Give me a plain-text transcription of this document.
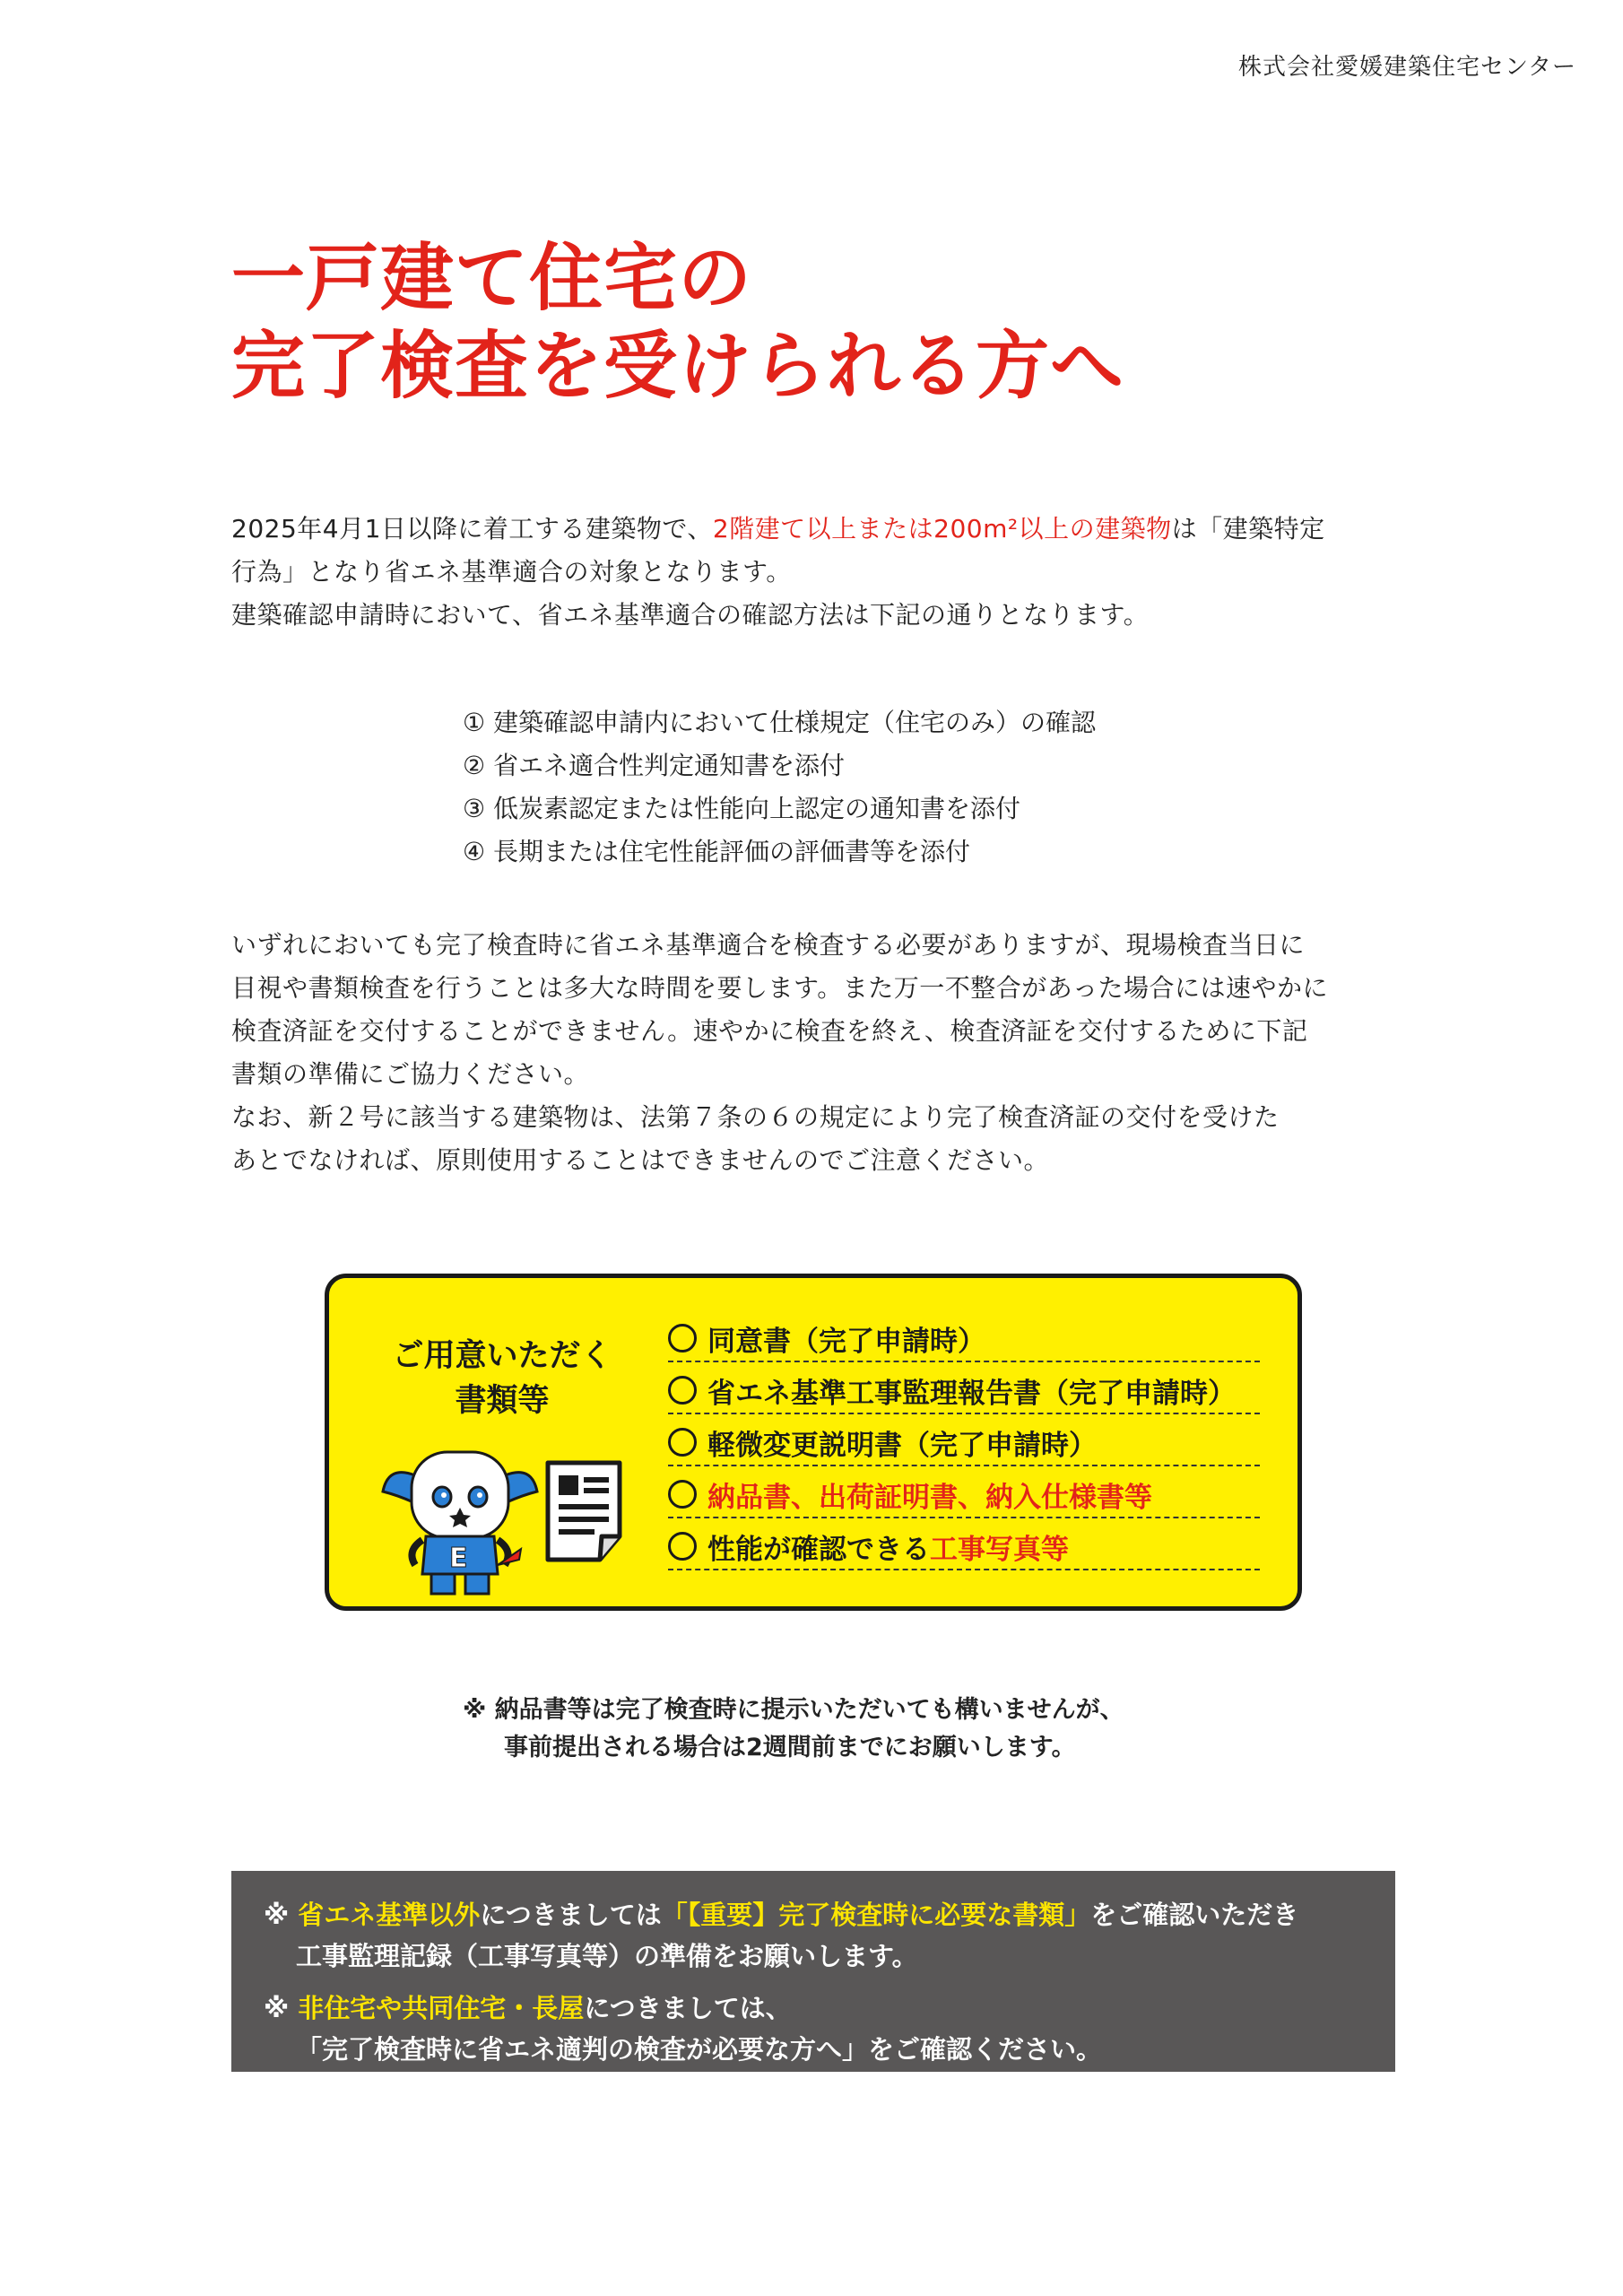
株式会社愛媛建築住宅センター
一戸建て住宅の
完了検査を受けられる方へ

2025年4月1日以降に着工する建築物で、2階建て以上または200m²以上の建築物は「建築特定

行為」となり省エネ基準適合の対象となります。

建築確認申請時において、省エネ基準適合の確認方法は下記の通りとなります。

① 建築確認申請内において仕様規定（住宅のみ）の確認
② 省エネ適合性判定通知書を添付
③ 低炭素認定または性能向上認定の通知書を添付
④ 長期または住宅性能評価の評価書等を添付

いずれにおいても完了検査時に省エネ基準適合を検査する必要がありますが、現場検査当日に

目視や書類検査を行うことは多大な時間を要します。また万一不整合があった場合には速やかに

検査済証を交付することができません。速やかに検査を終え、検査済証を交付するために下記

書類の準備にご協力ください。

なお、新２号に該当する建築物は、法第７条の６の規定により完了検査済証の交付を受けた

あとでなければ、原則使用することはできませんのでご注意ください。

ご用意いただく
書類等
E
同意書（完了申請時）
省エネ基準工事監理報告書（完了申請時）
軽微変更説明書（完了申請時）
納品書、出荷証明書、納入仕様書等
性能が確認できる 工事写真等

※ 納品書等は完了検査時に提示いただいても構いませんが、
事前提出される場合は2週間前までにお願いします。

※ 省エネ基準以外につきましては「【重要】完了検査時に必要な書類」をご確認いただき

工事監理記録（工事写真等）の準備をお願いします。

※ 非住宅や共同住宅・長屋につきましては、

「完了検査時に省エネ適判の検査が必要な方へ」をご確認ください。
